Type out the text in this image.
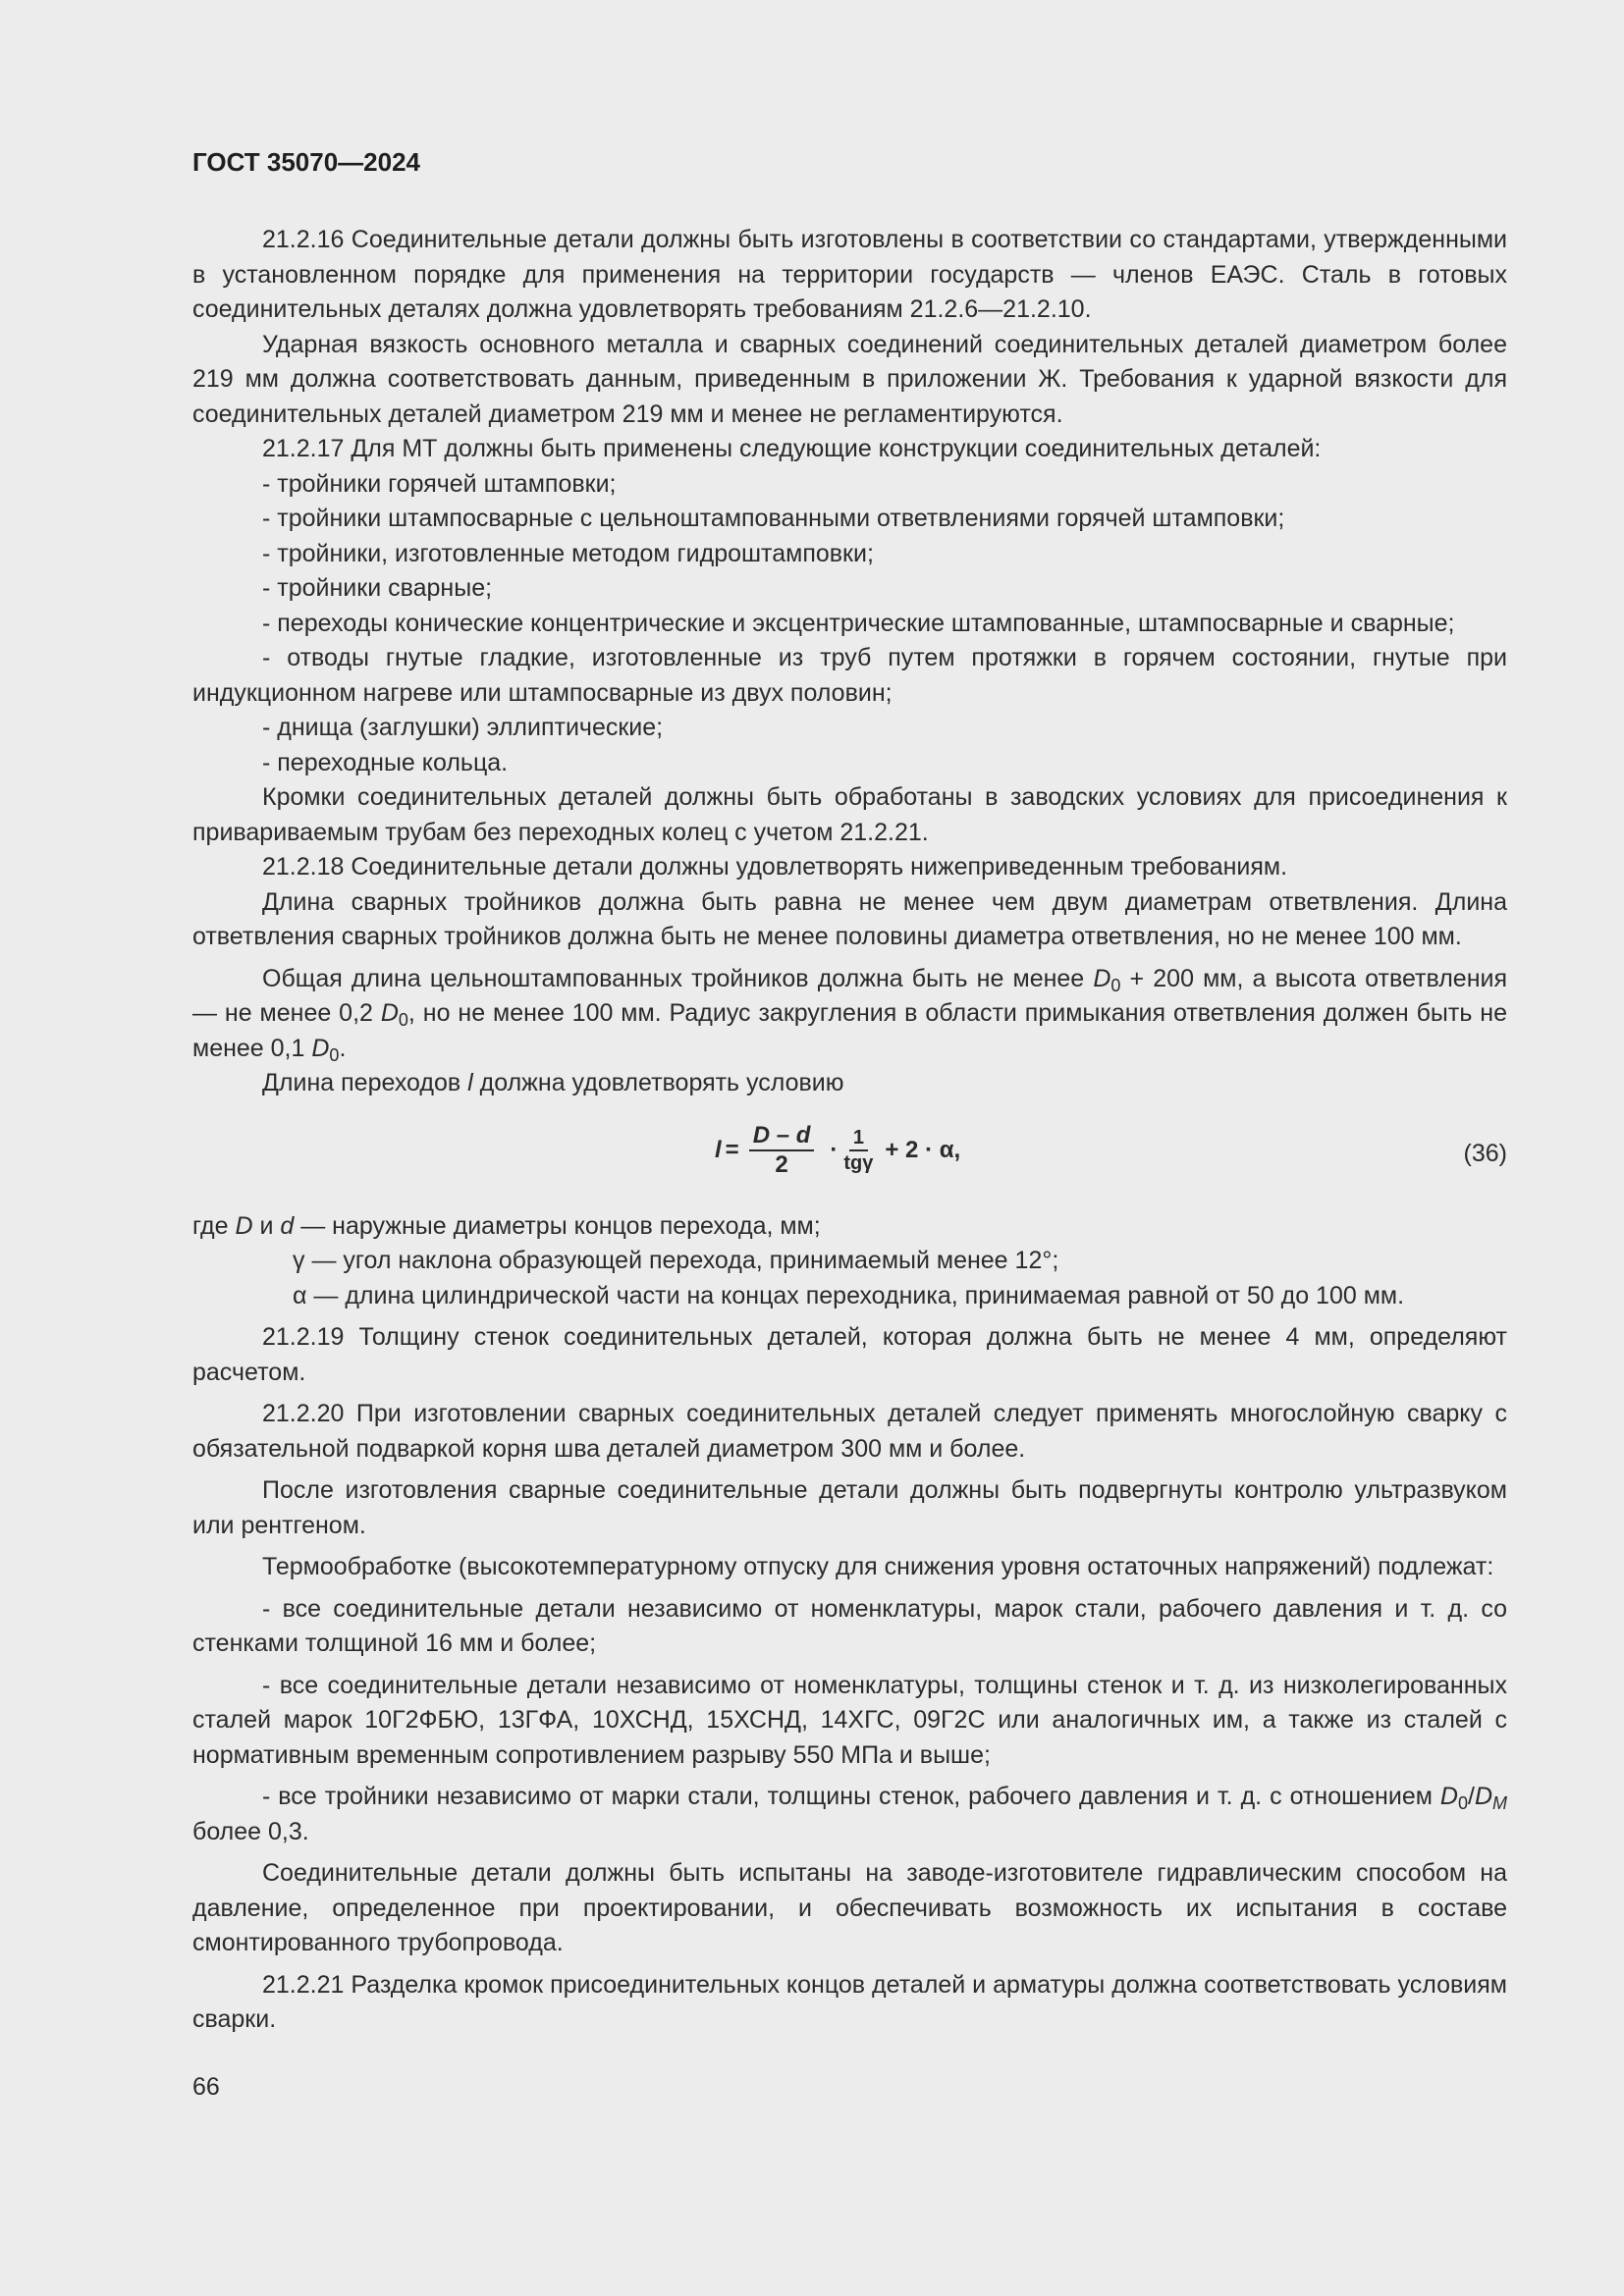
ГОСТ 35070—2024

21.2.16 Соединительные детали должны быть изготовлены в соответствии со стандартами, утвержденными в установленном порядке для применения на территории государств — членов ЕАЭС. Сталь в готовых соединительных деталях должна удовлетворять требованиям 21.2.6—21.2.10.

Ударная вязкость основного металла и сварных соединений соединительных деталей диаметром более 219 мм должна соответствовать данным, приведенным в приложении Ж. Требования к ударной вязкости для соединительных деталей диаметром 219 мм и менее не регламентируются.

21.2.17 Для МТ должны быть применены следующие конструкции соединительных деталей:

- тройники горячей штамповки;

- тройники штампосварные с цельноштампованными ответвлениями горячей штамповки;

- тройники, изготовленные методом гидроштамповки;

- тройники сварные;

- переходы конические концентрические и эксцентрические штампованные, штампосварные и сварные;

- отводы гнутые гладкие, изготовленные из труб путем протяжки в горячем состоянии, гнутые при индукционном нагреве или штампосварные из двух половин;

- днища (заглушки) эллиптические;

- переходные кольца.

Кромки соединительных деталей должны быть обработаны в заводских условиях для присоединения к привариваемым трубам без переходных колец с учетом 21.2.21.

21.2.18 Соединительные детали должны удовлетворять нижеприведенным требованиям.

Длина сварных тройников должна быть равна не менее чем двум диаметрам ответвления. Длина ответвления сварных тройников должна быть не менее половины диаметра ответвления, но не менее 100 мм.

Общая длина цельноштампованных тройников должна быть не менее $D_0 + 200$ мм, а высота ответвления — не менее 0,2 $D_0$, но не менее 100 мм. Радиус закругления в области примыкания ответвления должен быть не менее 0,1 $D_0$.

Длина переходов l должна удовлетворять условию

$l = \frac{D - d}{2} \cdot \frac{1}{\text{tgγ}} + 2 \cdot \alpha$,	(36)

где D и d — наружные диаметры концов перехода, мм;

γ — угол наклона образующей перехода, принимаемый менее 12°;

α — длина цилиндрической части на концах переходника, принимаемая равной от 50 до 100 мм.

21.2.19 Толщину стенок соединительных деталей, которая должна быть не менее 4 мм, определяют расчетом.

21.2.20 При изготовлении сварных соединительных деталей следует применять многослойную сварку с обязательной подваркой корня шва деталей диаметром 300 мм и более.

После изготовления сварные соединительные детали должны быть подвергнуты контролю ультразвуком или рентгеном.

Термообработке (высокотемпературному отпуску для снижения уровня остаточных напряжений) подлежат:

- все соединительные детали независимо от номенклатуры, марок стали, рабочего давления и т. д. со стенками толщиной 16 мм и более;

- все соединительные детали независимо от номенклатуры, толщины стенок и т. д. из низколегированных сталей марок 10Г2ФБЮ, 13ГФА, 10ХСНД, 15ХСНД, 14ХГС, 09Г2С или аналогичных им, а также из сталей с нормативным временным сопротивлением разрыву 550 МПа и выше;

- все тройники независимо от марки стали, толщины стенок, рабочего давления и т. д. с отношением $D_0/D_M$ более 0,3.

Соединительные детали должны быть испытаны на заводе-изготовителе гидравлическим способом на давление, определенное при проектировании, и обеспечивать возможность их испытания в составе смонтированного трубопровода.

21.2.21 Разделка кромок присоединительных концов деталей и арматуры должна соответствовать условиям сварки.

66
